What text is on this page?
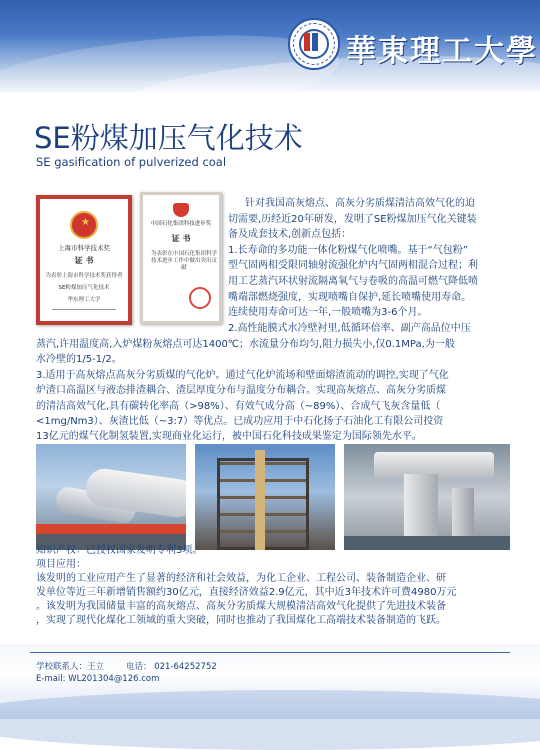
華東理工大學
SE粉煤加压气化技术
SE gasification of pulverized coal
★
上海市科学技术奖
证 书
为表彰上海市科学技术奖获得者
SE粉煤加压气化技术
华东理工大学
中国石化集团科技进步奖
证 书
为表彰在中国石化集团科学技术进步工作中做出突出贡献
针对我国高灰熔点、高灰分劣质煤清洁高效气化的迫
切需要,历经近20年研发，发明了SE粉煤加压气化关键装
备及成套技术,创新点包括：
1.长寿命的多功能一体化粉煤气化喷嘴。基于“气包粉”
型气固两相受限同轴射流强化炉内气固两相混合过程；利
用工艺蒸汽环状射流隔离氧气与卷吸的高温可燃气降低喷
嘴端部燃烧强度，实现喷嘴自保护,延长喷嘴使用寿命。
连续使用寿命可达一年,一般喷嘴为3-6个月。
2.高性能膜式水冷壁衬里,低循环倍率、副产高品位中压
蒸汽,许用温度高,入炉煤粉灰熔点可达1400℃；水流量分布均匀,阻力损失小,仅0.1MPa,为一般
水冷壁的1/5-1/2。
3.适用于高灰熔点高灰分劣质煤的气化炉。通过气化炉流场和壁面熔渣流动的调控,实现了气化
炉渣口高温区与液态排渣耦合、渣层厚度分布与温度分布耦合。实现高灰熔点、高灰分劣质煤
的清洁高效气化,具有碳转化率高（>98%）、有效气成分高（~89%）、合成气飞灰含量低（
<1mg/Nm3）、灰渣比低（~3:7）等优点。已成功应用于中石化扬子石油化工有限公司投资
13亿元的煤气化制氢装置,实现商业化运行，被中国石化科技成果鉴定为国际领先水平。
知识产权：已授权国家发明专利3项。
项目应用：
该发明的工业应用产生了显著的经济和社会效益，为化工企业、工程公司、装备制造企业、研
发单位等近三年新增销售额约30亿元，直接经济效益2.9亿元，其中近3年技术许可费4980万元
。该发明为我国储量丰富的高灰熔点、高灰分劣质煤大规模清洁高效气化提供了先进技术装备
，实现了现代化煤化工领域的重大突破，同时也推动了我国煤化工高端技术装备制造的飞跃。
学校联系人：王立	电话： 021-64252752
E-mail: WL201304@126.com
